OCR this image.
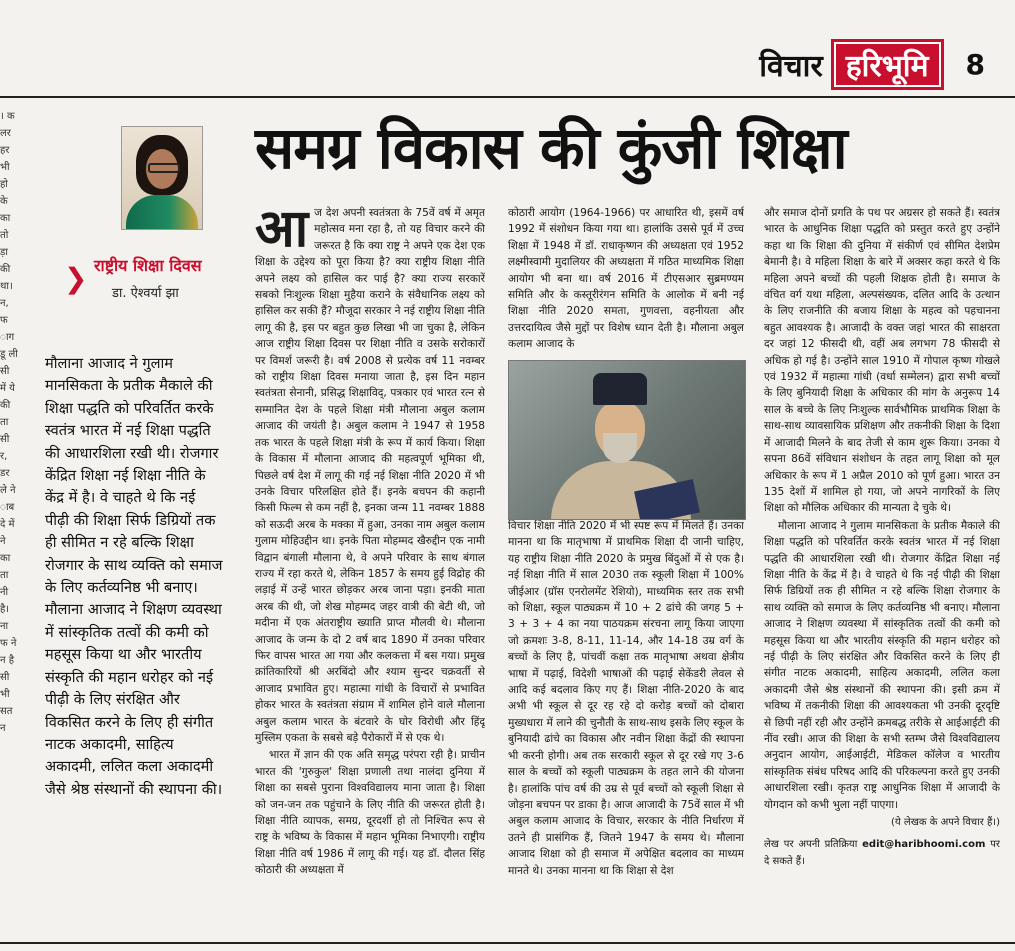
विचार हरिभूमि	8
। क लर हर भी हो के का तो ड़ा की था। न, फ ाग डू ली सी में ये की ता सी र, डर ले ने ाब दे में ने का ता नी है। ना फ ने न है सी भी सत न
❯ राष्ट्रीय शिक्षा दिवस
डा. ऐश्वर्या झा

मौलाना आजाद ने गुलाम मानसिकता के प्रतीक मैकाले की शिक्षा पद्धति को परिवर्तित करके स्वतंत्र भारत में नई शिक्षा पद्धति की आधारशिला रखी थी। रोजगार केंद्रित शिक्षा नई शिक्षा नीति के केंद्र में है। वे चाहते थे कि नई पीढ़ी की शिक्षा सिर्फ डिग्रियों तक ही सीमित न रहे बल्कि शिक्षा रोजगार के साथ व्यक्ति को समाज के लिए कर्तव्यनिष्ठ भी बनाए। मौलाना आजाद ने शिक्षण व्यवस्था में सांस्कृतिक तत्वों की कमी को महसूस किया था और भारतीय संस्कृति की महान धरोहर को नई पीढ़ी के लिए संरक्षित और विकसित करने के लिए ही संगीत नाटक अकादमी, साहित्य अकादमी, ललित कला अकादमी जैसे श्रेष्ठ संस्थानों की स्थापना की।

समग्र विकास की कुंजी शिक्षा
आ ज देश अपनी स्वतंत्रता के 75वें वर्ष में अमृत महोत्सव मना रहा है, तो यह विचार करने की जरूरत है कि क्या राष्ट्र ने अपने एक देश एक शिक्षा के उद्देश्य को पूरा किया है? क्या राष्ट्रीय शिक्षा नीति अपने लक्ष्य को हासिल कर पाई है? क्या राज्य सरकारें सबको निःशुल्क शिक्षा मुहैया कराने के संवैधानिक लक्ष्य को हासिल कर सकी हैं? मौजूदा सरकार ने नई राष्ट्रीय शिक्षा नीति लागू की है, इस पर बहुत कुछ लिखा भी जा चुका है, लेकिन आज राष्ट्रीय शिक्षा दिवस पर शिक्षा नीति व उसके सरोकारों पर विमर्श जरूरी है। वर्ष 2008 से प्रत्येक वर्ष 11 नवम्बर को राष्ट्रीय शिक्षा दिवस मनाया जाता है, इस दिन महान स्वतंत्रता सेनानी, प्रसिद्ध शिक्षाविद्, पत्रकार एवं भारत रत्न से सम्मानित देश के पहले शिक्षा मंत्री मौलाना अबुल कलाम आजाद की जयंती है। अबुल कलाम ने 1947 से 1958 तक भारत के पहले शिक्षा मंत्री के रूप में कार्य किया। शिक्षा के विकास में मौलाना आजाद की महत्वपूर्ण भूमिका थी, पिछले वर्ष देश में लागू की गई नई शिक्षा नीति 2020 में भी उनके विचार परिलक्षित होते हैं। इनके बचपन की कहानी किसी फिल्म से कम नहीं है, इनका जन्म 11 नवम्बर 1888 को सऊदी अरब के मक्का में हुआ, उनका नाम अबुल कलाम गुलाम मोहिउद्दीन था। इनके पिता मोहम्मद खैरुद्दीन एक नामी विद्वान बंगाली मौलाना थे, वे अपने परिवार के साथ बंगाल राज्य में रहा करते थे, लेकिन 1857 के समय हुई विद्रोह की लड़ाई में उन्हें भारत छोड़कर अरब जाना पड़ा। इनकी माता अरब की थी, जो शेख मोहम्मद जहर वात्री की बेटी थी, जो मदीना में एक अंतराष्ट्रीय ख्याति प्राप्त मौलवी थे। मौलाना आजाद के जन्म के दो 2 वर्ष बाद 1890 में उनका परिवार फिर वापस भारत आ गया और कलकत्ता में बस गया। प्रमुख क्रांतिकारियों श्री अरबिंदो और श्याम सुन्दर चक्रवर्ती से आजाद प्रभावित हुए। महात्मा गांधी के विचारों से प्रभावित होकर भारत के स्वतंत्रता संग्राम में शामिल होने वाले मौलाना अबुल कलाम भारत के बंटवारे के घोर विरोधी और हिंदू मुस्लिम एकता के सबसे बड़े पैरोकारों में से एक थे।

भारत में ज्ञान की एक अति समृद्ध परंपरा रही है। प्राचीन भारत की 'गुरुकुल' शिक्षा प्रणाली तथा नालंदा दुनिया में शिक्षा का सबसे पुराना विश्वविद्यालय माना जाता है। शिक्षा को जन-जन तक पहुंचाने के लिए नीति की जरूरत होती है। शिक्षा नीति व्यापक, समग्र, दूरदर्शी हो तो निश्चित रूप से राष्ट्र के भविष्य के विकास में महान भूमिका निभाएगी। राष्ट्रीय शिक्षा नीति वर्ष 1986 में लागू की गई। यह डॉ. दौलत सिंह कोठारी की अध्यक्षता में

कोठारी आयोग (1964-1966) पर आधारित थी, इसमें वर्ष 1992 में संशोधन किया गया था। हालांकि उससे पूर्व में उच्च शिक्षा में 1948 में डॉ. राधाकृष्णन की अध्यक्षता एवं 1952 लक्ष्मीस्वामी मुदालियर की अध्यक्षता में गठित माध्यमिक शिक्षा आयोग भी बना था। वर्ष 2016 में टीएसआर सुब्रमण्यम समिति और के कस्तूरीरंगन समिति के आलोक में बनी नई शिक्षा नीति 2020 समता, गुणवत्ता, वहनीयता और उत्तरदायित्व जैसे मुद्दों पर विशेष ध्यान देती है। मौलाना अबुल कलाम आजाद के

विचार शिक्षा नीति 2020 में भी स्पष्ट रूप में मिलते हैं। उनका मानना था कि मातृभाषा में प्राथमिक शिक्षा दी जानी चाहिए, यह राष्ट्रीय शिक्षा नीति 2020 के प्रमुख बिंदुओं में से एक है। नई शिक्षा नीति में साल 2030 तक स्कूली शिक्षा में 100% जीईआर (ग्रॉस एनरोलमेंट रेशियो), माध्यमिक स्तर तक सभी को शिक्षा, स्कूल पाठ्यक्रम में 10 + 2 ढांचे की जगह 5 + 3 + 3 + 4 का नया पाठयक्रम संरचना लागू किया जाएगा जो क्रमशः 3-8, 8-11, 11-14, और 14-18 उम्र वर्ग के बच्चों के लिए है, पांचवीं कक्षा तक मातृभाषा अथवा क्षेत्रीय भाषा में पढ़ाई, विदेशी भाषाओं की पढ़ाई सेकेंडरी लेवल से आदि कई बदलाव किए गए हैं। शिक्षा नीति-2020 के बाद अभी भी स्कूल से दूर रह रहे दो करोड़ बच्चों को दोबारा मुख्यधारा में लाने की चुनौती के साथ-साथ इसके लिए स्कूल के बुनियादी ढांचे का विकास और नवीन शिक्षा केंद्रों की स्थापना भी करनी होगी। अब तक सरकारी स्कूल से दूर रखे गए 3-6 साल के बच्चों को स्कूली पाठ्यक्रम के तहत लाने की योजना है। हालांकि पांच वर्ष की उम्र से पूर्व बच्चों को स्कूली शिक्षा से जोड़ना बचपन पर डाका है। आज आजादी के 75वें साल में भी अबुल कलाम आजाद के विचार, सरकार के नीति निर्धारण में उतने ही प्रासंगिक हैं, जितने 1947 के समय थे। मौलाना आजाद शिक्षा को ही समाज में अपेक्षित बदलाव का माध्यम मानते थे। उनका मानना था कि शिक्षा से देश

और समाज दोनों प्रगति के पथ पर अग्रसर हो सकते हैं। स्वतंत्र भारत के आधुनिक शिक्षा पद्धति को प्रस्तुत करते हुए उन्होंने कहा था कि शिक्षा की दुनिया में संकीर्ण एवं सीमित देशप्रेम बेमानी है। वे महिला शिक्षा के बारे में अक्सर कहा करते थे कि महिला अपने बच्चों की पहली शिक्षक होती है। समाज के वंचित वर्ग यथा महिला, अल्पसंख्यक, दलित आदि के उत्थान के लिए राजनीति की बजाय शिक्षा के महत्व को पहचानना बहुत आवश्यक है। आजादी के वक्त जहां भारत की साक्षरता दर जहां 12 फीसदी थी, वहीं अब लगभग 78 फीसदी से अधिक हो गई है। उन्होंने साल 1910 में गोपाल कृष्ण गोखले एवं 1932 में महात्मा गांधी (वर्धा सम्मेलन) द्वारा सभी बच्चों के लिए बुनियादी शिक्षा के अधिकार की मांग के अनुरूप 14 साल के बच्चे के लिए निःशुल्क सार्वभौमिक प्राथमिक शिक्षा के साथ-साथ व्यावसायिक प्रशिक्षण और तकनीकी शिक्षा के दिशा में आजादी मिलने के बाद तेजी से काम शुरू किया। उनका ये सपना 86वें संविधान संशोधन के तहत लागू शिक्षा को मूल अधिकार के रूप में 1 अप्रैल 2010 को पूर्ण हुआ। भारत उन 135 देशों में शामिल हो गया, जो अपने नागरिकों के लिए शिक्षा को मौलिक अधिकार की मान्यता दे चुके थे।

मौलाना आजाद ने गुलाम मानसिकता के प्रतीक मैकाले की शिक्षा पद्धति को परिवर्तित करके स्वतंत्र भारत में नई शिक्षा पद्धति की आधारशिला रखी थी। रोजगार केंद्रित शिक्षा नई शिक्षा नीति के केंद्र में है। वे चाहते थे कि नई पीढ़ी की शिक्षा सिर्फ डिग्रियों तक ही सीमित न रहे बल्कि शिक्षा रोजगार के साथ व्यक्ति को समाज के लिए कर्तव्यनिष्ठ भी बनाए। मौलाना आजाद ने शिक्षण व्यवस्था में सांस्कृतिक तत्वों की कमी को महसूस किया था और भारतीय संस्कृति की महान धरोहर को नई पीढ़ी के लिए संरक्षित और विकसित करने के लिए ही संगीत नाटक अकादमी, साहित्य अकादमी, ललित कला अकादमी जैसे श्रेष्ठ संस्थानों की स्थापना की। इसी क्रम में भविष्य में तकनीकी शिक्षा की आवश्यकता भी उनकी दूरदृष्टि से छिपी नहीं रही और उन्होंने क्रमबद्ध तरीके से आईआईटी की नींव रखी। आज की शिक्षा के सभी स्तम्भ जैसे विश्वविद्यालय अनुदान आयोग, आईआईटी, मेडिकल कॉलेज व भारतीय सांस्कृतिक संबंध परिषद आदि की परिकल्पना करते हुए उनकी आधारशिला रखी। कृतज्ञ राष्ट्र आधुनिक शिक्षा में आजादी के योगदान को कभी भुला नहीं पाएगा।

(ये लेखक के अपने विचार हैं।)
लेख पर अपनी प्रतिक्रिया edit@haribhoomi.com पर दे सकते हैं।
